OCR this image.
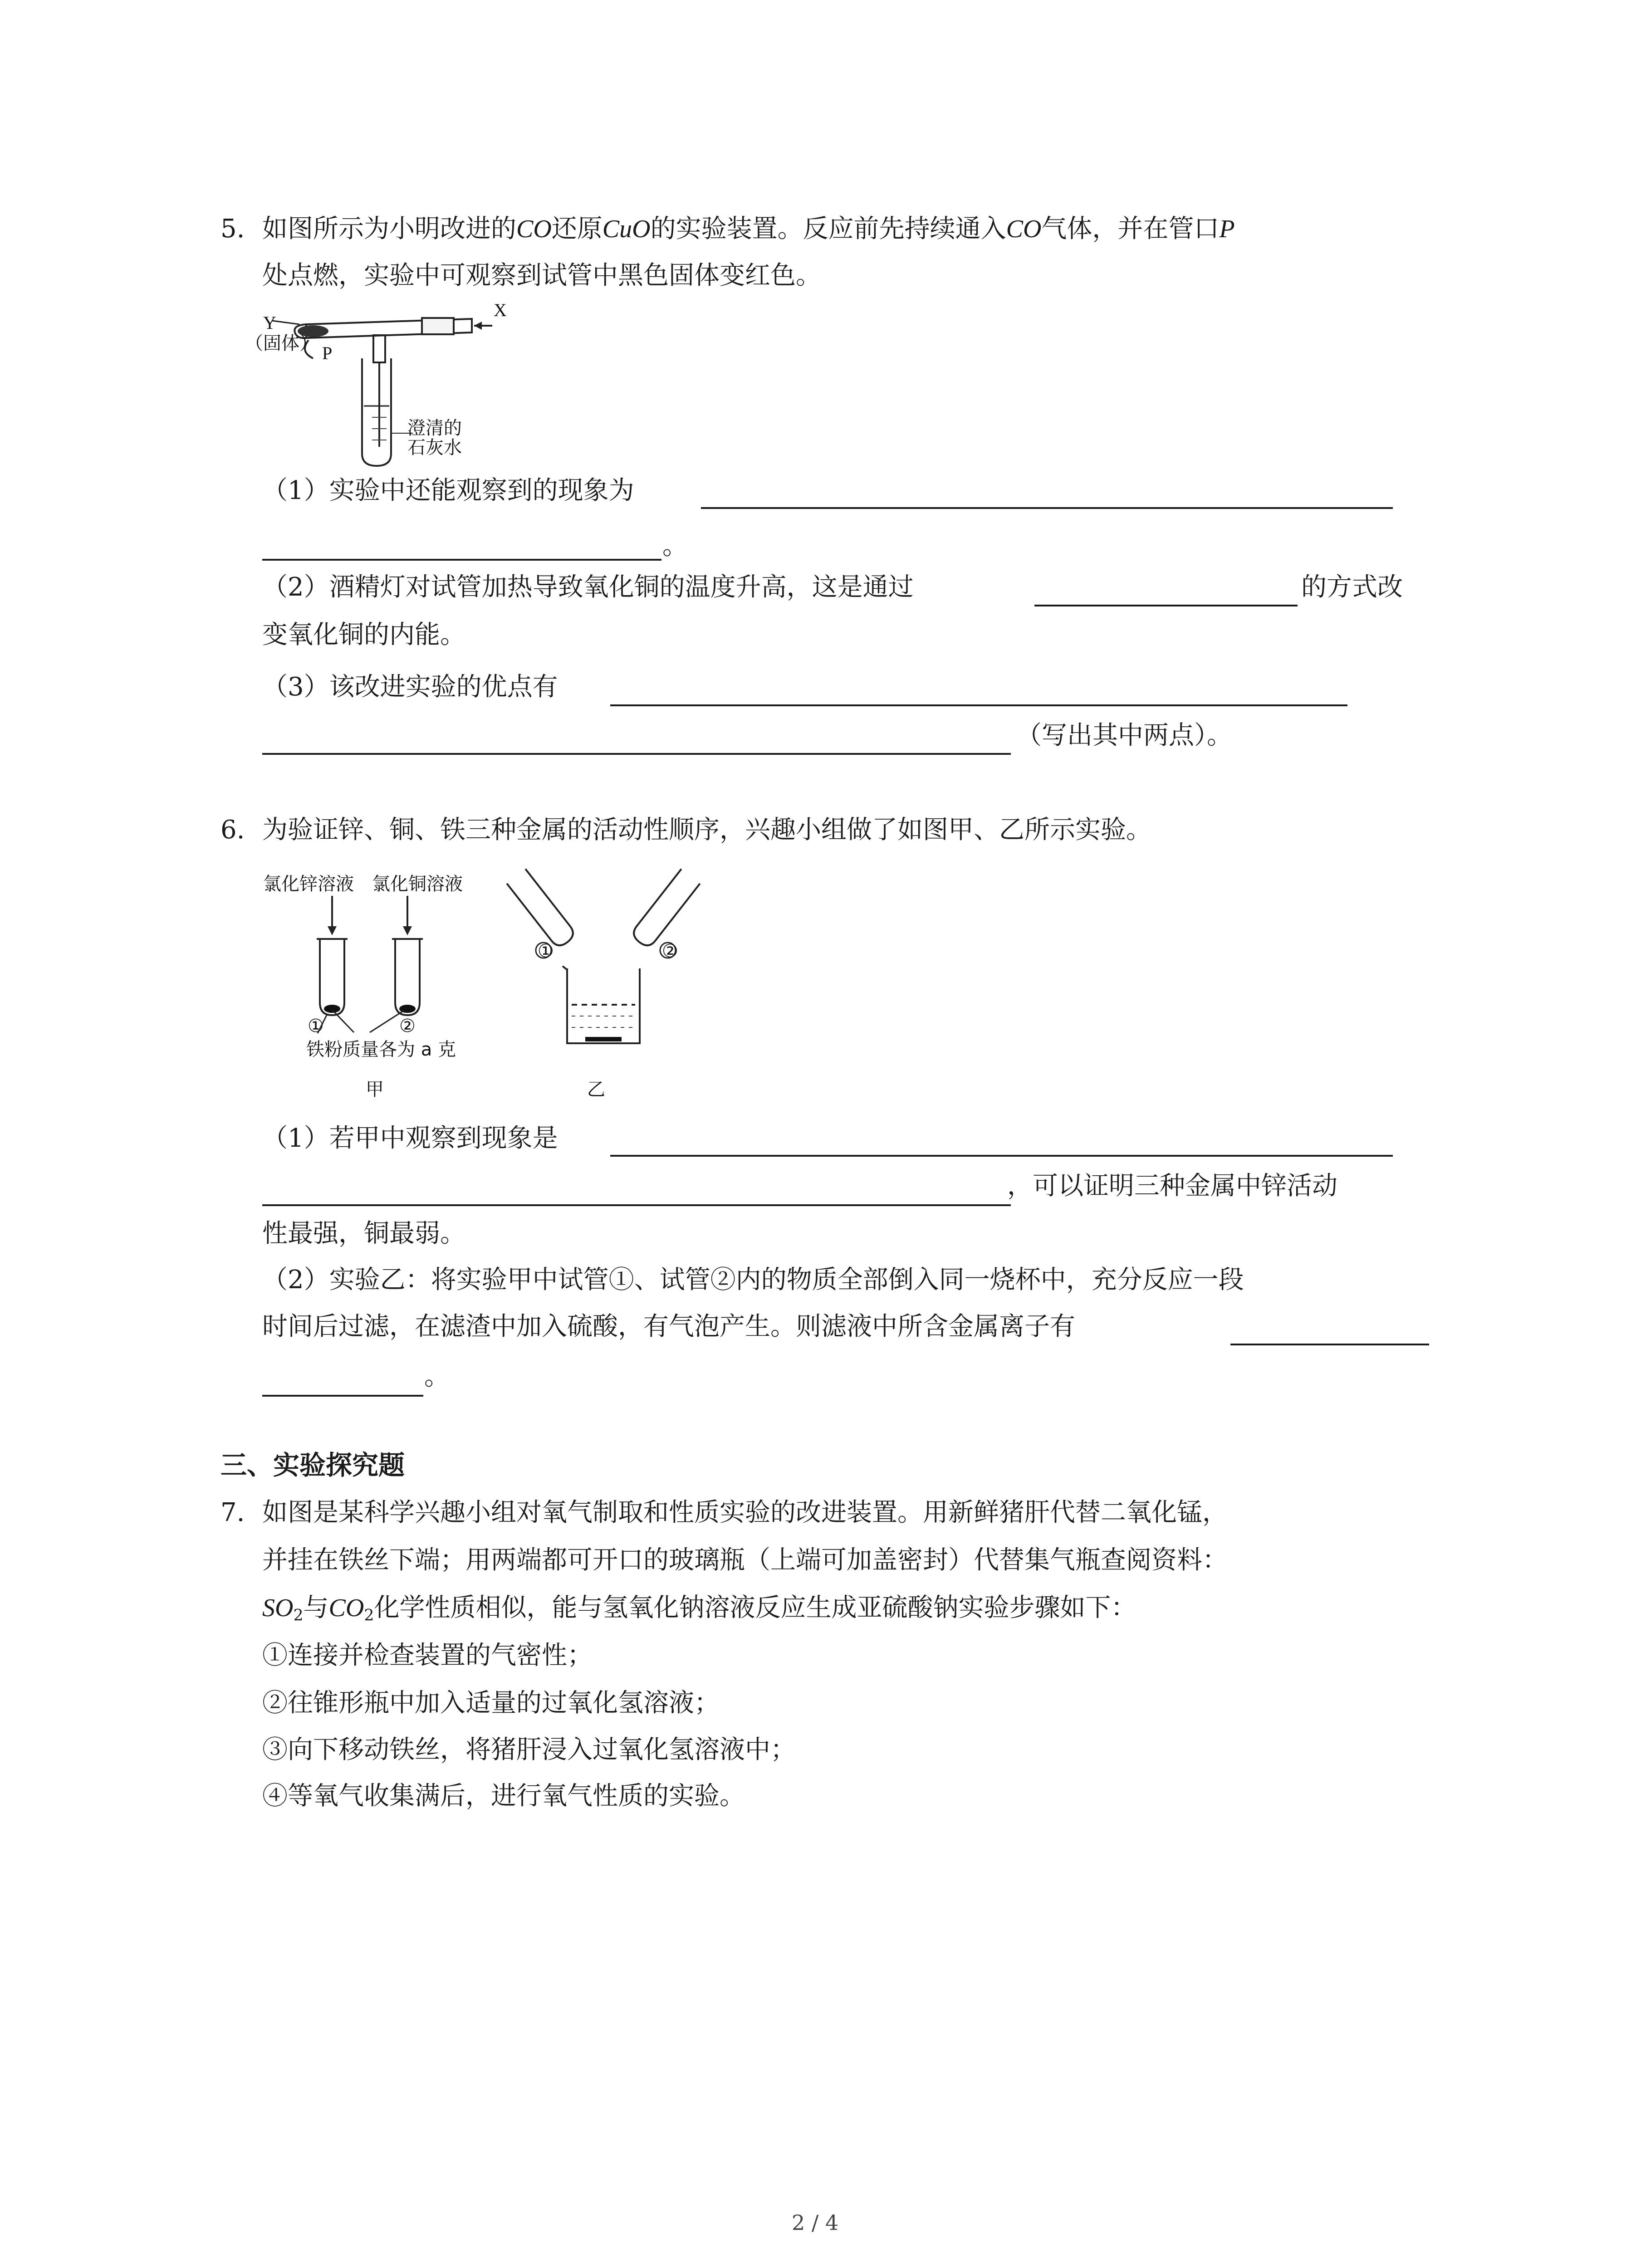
5. 如图所示为小明改进的CO还原CuO的实验装置。反应前先持续通入CO气体，并在管口P
处点燃，实验中可观察到试管中黑色固体变红色。
X
Y
（固体） P
澄清的
石灰水
（1）实验中还能观察到的现象为
。
（2）酒精灯对试管加热导致氧化铜的温度升高，这是通过	的方式改
变氧化铜的内能。
（3）该改进实验的优点有
（写出其中两点）。
6. 为验证锌、铜、铁三种金属的活动性顺序，兴趣小组做了如图甲、乙所示实验。
氯化锌溶液 氯化铜溶液
①	②
铁粉质量各为 a 克
甲
①	②
乙
（1）若甲中观察到现象是
，可以证明三种金属中锌活动
性最强，铜最弱。
（2）实验乙：将实验甲中试管①、试管②内的物质全部倒入同一烧杯中，充分反应一段
时间后过滤，在滤渣中加入硫酸，有气泡产生。则滤液中所含金属离子有
。
三、实验探究题
7. 如图是某科学兴趣小组对氧气制取和性质实验的改进装置。用新鲜猪肝代替二氧化锰，
并挂在铁丝下端；用两端都可开口的玻璃瓶（上端可加盖密封）代替集气瓶查阅资料：
$SO_2$与$CO_2$化学性质相似，能与氢氧化钠溶液反应生成亚硫酸钠实验步骤如下：
①连接并检查装置的气密性；
②往锥形瓶中加入适量的过氧化氢溶液；
③向下移动铁丝，将猪肝浸入过氧化氢溶液中；
④等氧气收集满后，进行氧气性质的实验。
2 / 4
